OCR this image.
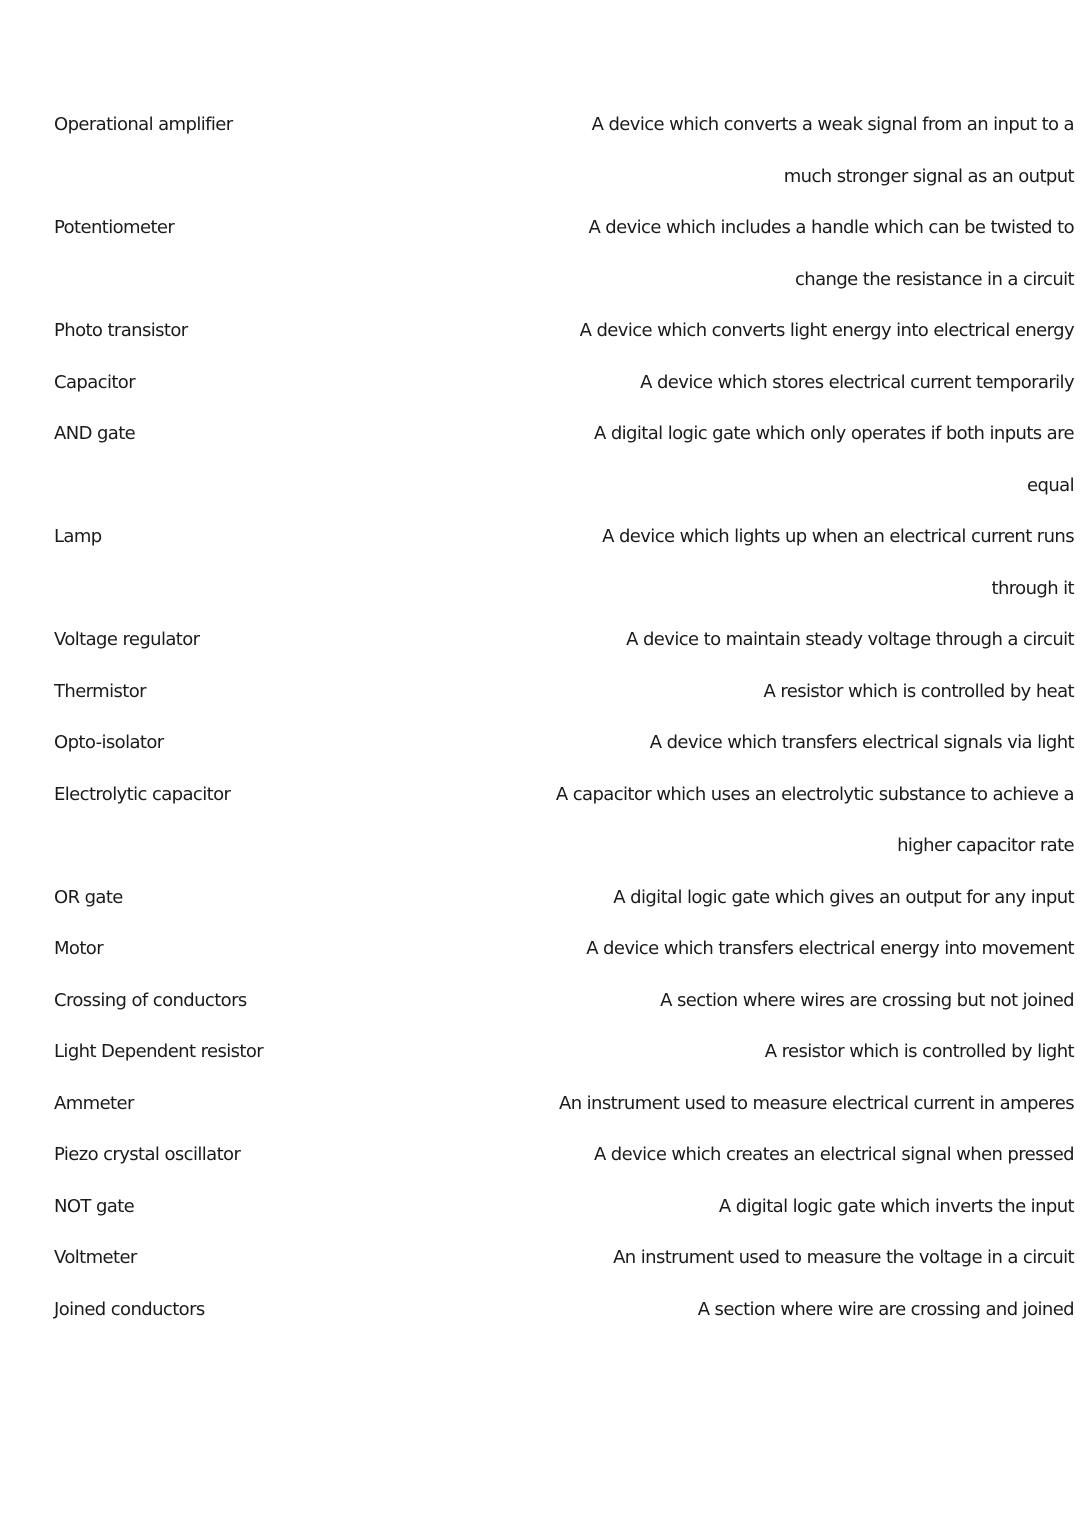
Operational amplifier	A device which converts a weak signal from an input to a
much stronger signal as an output
Potentiometer	A device which includes a handle which can be twisted to
change the resistance in a circuit
Photo transistor	A device which converts light energy into electrical energy
Capacitor	A device which stores electrical current temporarily
AND gate	A digital logic gate which only operates if both inputs are
equal
Lamp	A device which lights up when an electrical current runs
through it
Voltage regulator	A device to maintain steady voltage through a circuit
Thermistor	A resistor which is controlled by heat
Opto-isolator	A device which transfers electrical signals via light
Electrolytic capacitor	A capacitor which uses an electrolytic substance to achieve a
higher capacitor rate
OR gate	A digital logic gate which gives an output for any input
Motor	A device which transfers electrical energy into movement
Crossing of conductors	A section where wires are crossing but not joined
Light Dependent resistor	A resistor which is controlled by light
Ammeter	An instrument used to measure electrical current in amperes
Piezo crystal oscillator	A device which creates an electrical signal when pressed
NOT gate	A digital logic gate which inverts the input
Voltmeter	An instrument used to measure the voltage in a circuit
Joined conductors	A section where wire are crossing and joined
